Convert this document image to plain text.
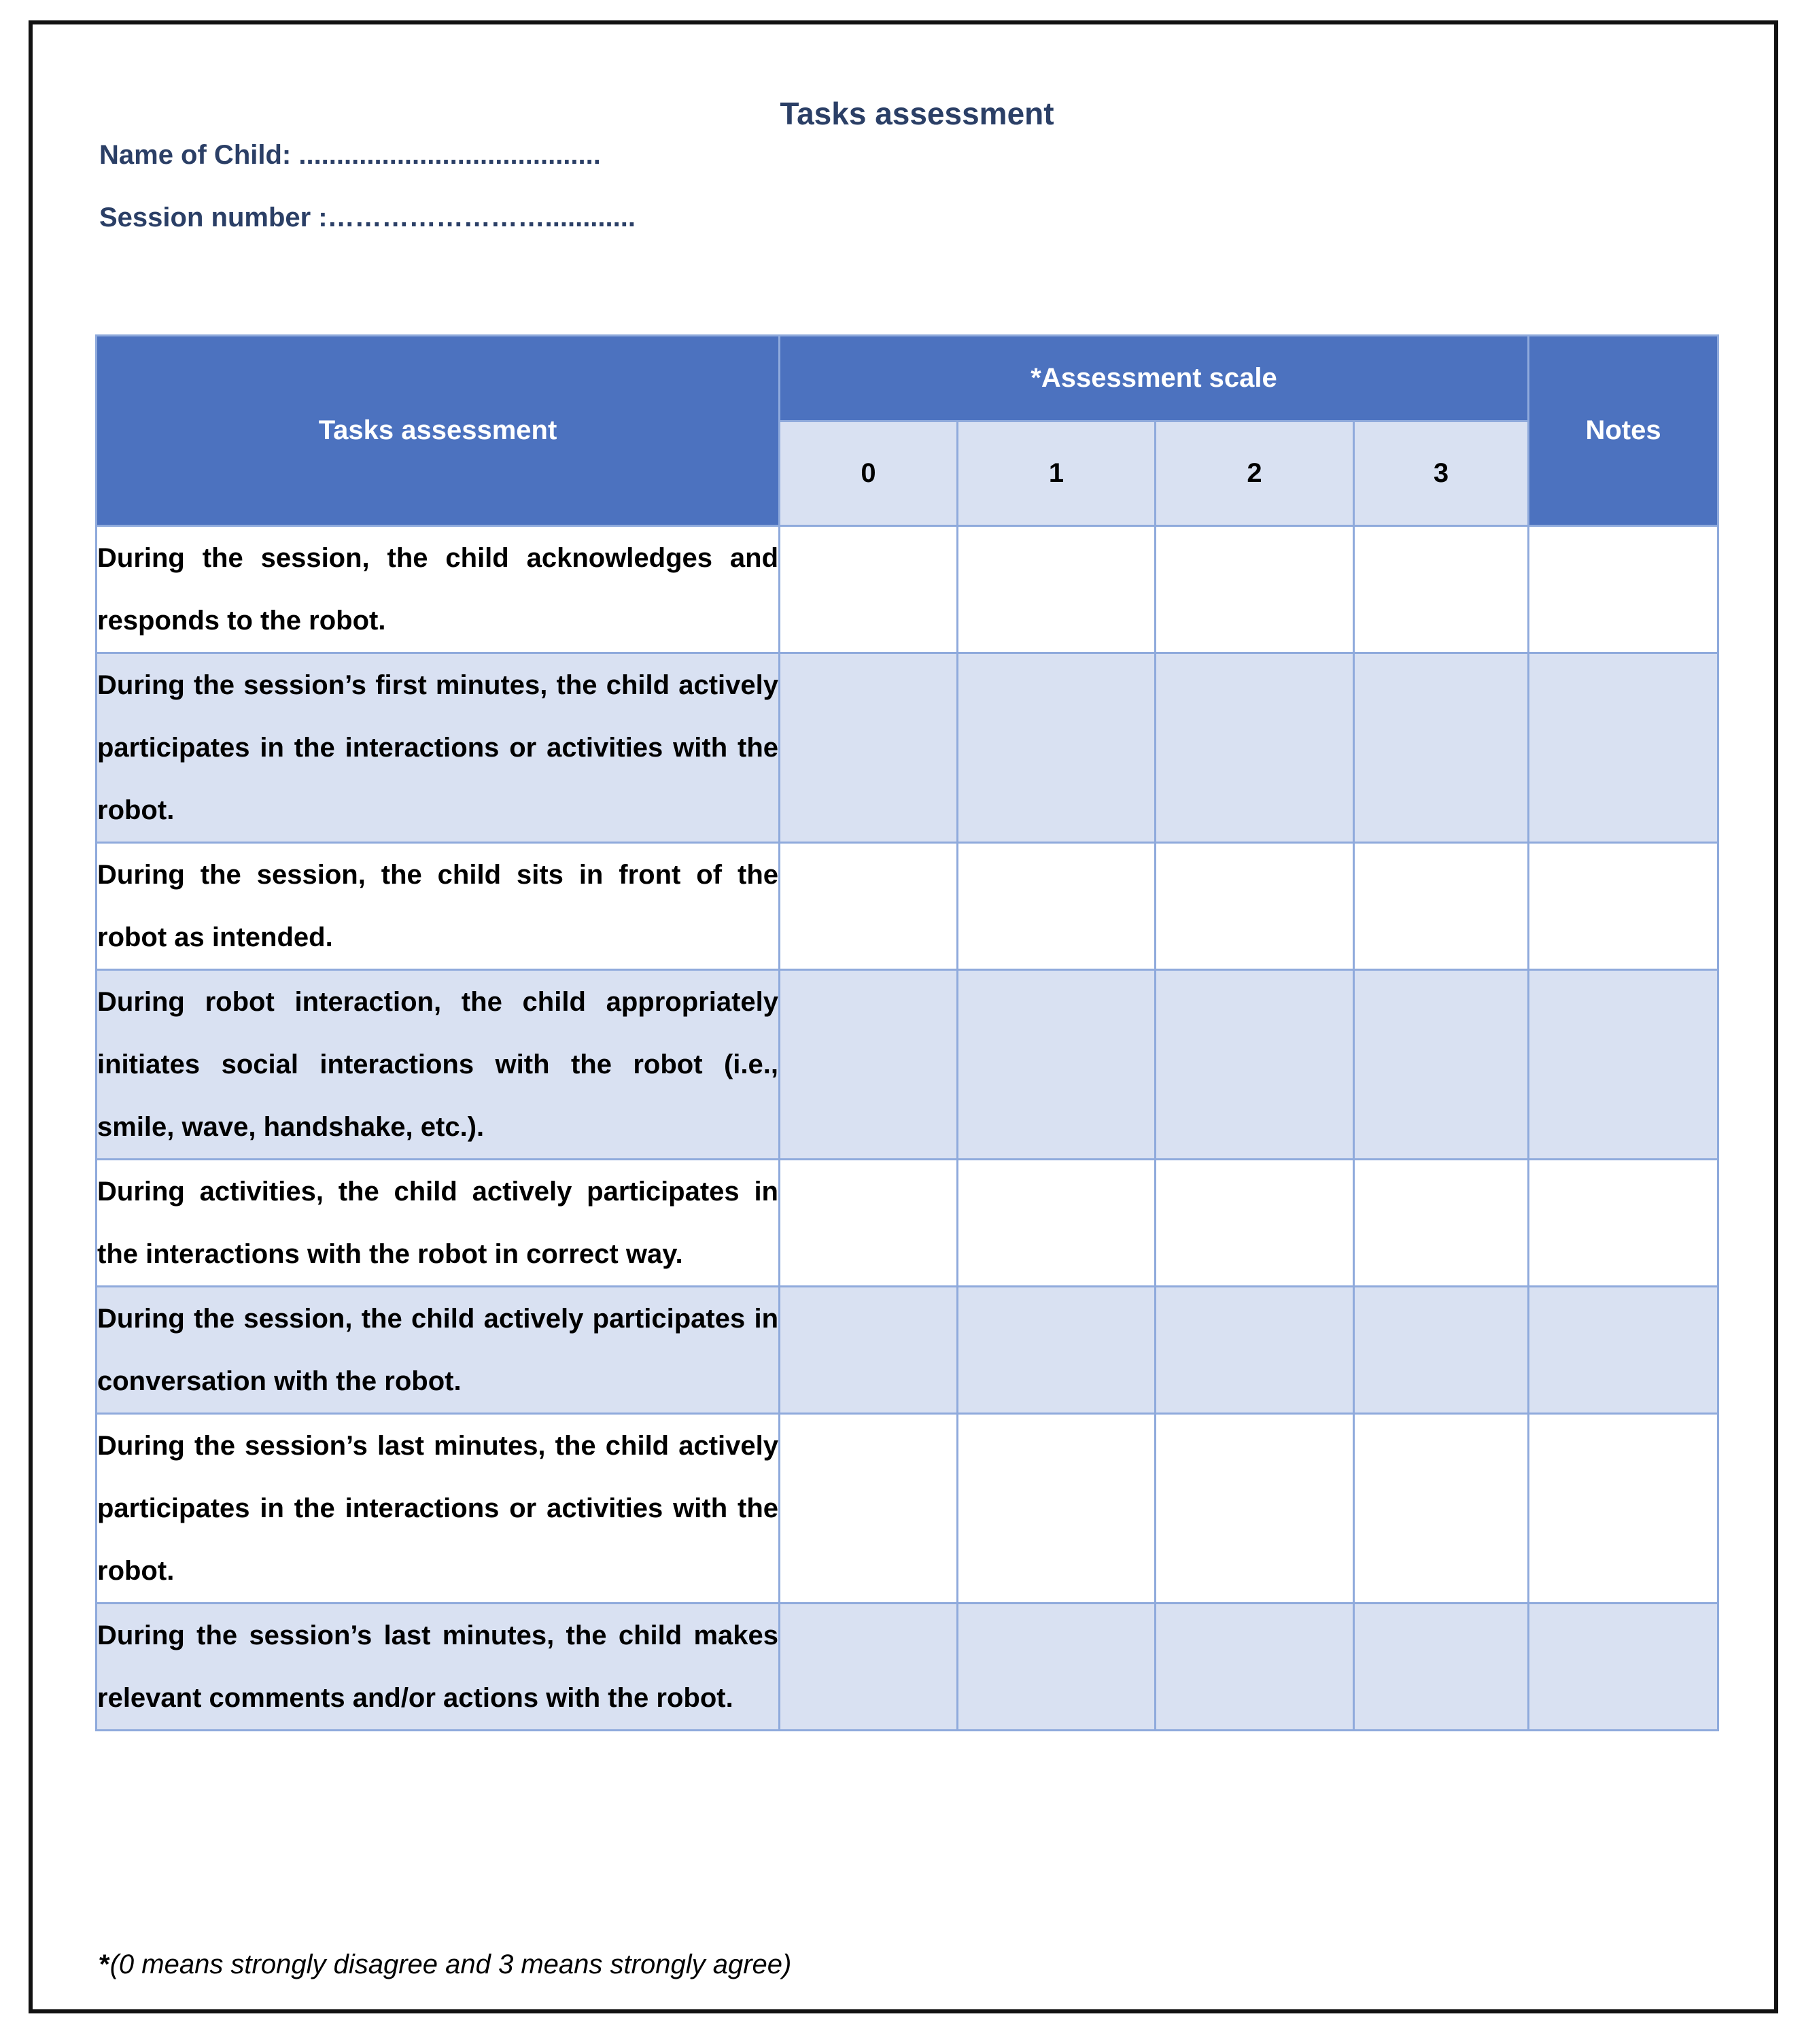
Tasks assessment
Name of Child: ........................................
Session number :……………………............
Tasks assessment	*Assessment scale				Notes
	0	1	2	3	
During the session, the child acknowledges and responds to the robot.					
During the session’s first minutes, the child actively participates in the interactions or activities with the robot.					
During the session, the child sits in front of the robot as intended.					
During robot interaction, the child appropriately initiates social interactions with the robot (i.e., smile, wave, handshake, etc.).					
During activities, the child actively participates in the interactions with the robot in correct way.					
During the session, the child actively participates in conversation with the robot.					
During the session’s last minutes, the child actively participates in the interactions or activities with the robot.					
During the session’s last minutes, the child makes relevant comments and/or actions with the robot.					
*(0 means strongly disagree and 3 means strongly agree)
